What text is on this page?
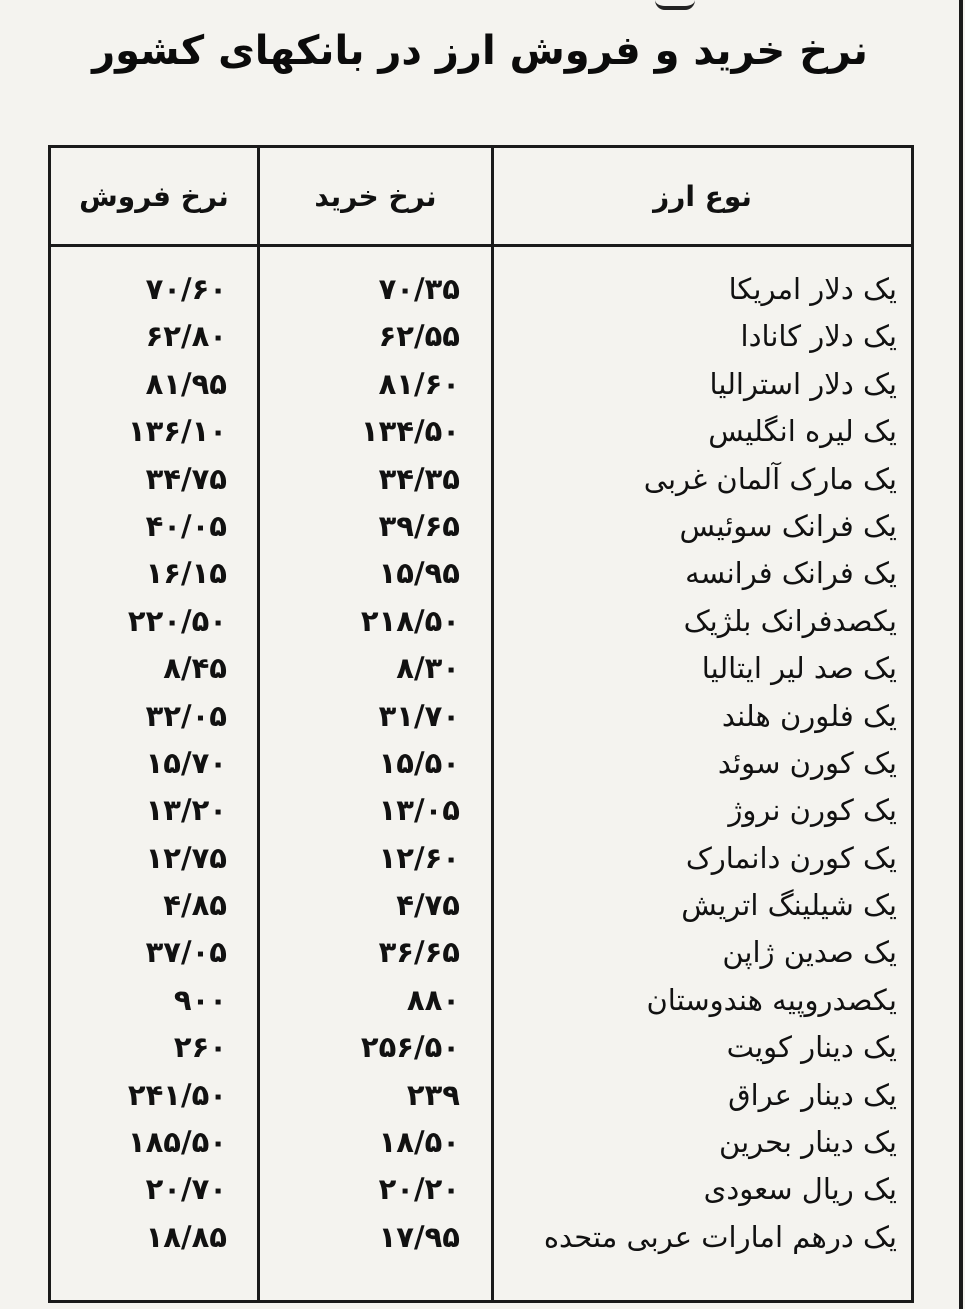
نرخ خرید و فروش ارز در بانکهای کشور
نوع ارز
نرخ خرید
نرخ فروش
یک دلار امریکا
۷۰/۳۵
۷۰/۶۰
یک دلار کانادا
۶۲/۵۵
۶۲/۸۰
یک دلار استرالیا
۸۱/۶۰
۸۱/۹۵
یک لیره انگلیس
۱۳۴/۵۰
۱۳۶/۱۰
یک مارک آلمان غربی
۳۴/۳۵
۳۴/۷۵
یک فرانک سوئیس
۳۹/۶۵
۴۰/۰۵
یک فرانک فرانسه
۱۵/۹۵
۱۶/۱۵
یکصدفرانک بلژیک
۲۱۸/۵۰
۲۲۰/۵۰
یک صد لیر ایتالیا
۸/۳۰
۸/۴۵
یک فلورن هلند
۳۱/۷۰
۳۲/۰۵
یک کورن سوئد
۱۵/۵۰
۱۵/۷۰
یک کورن نروژ
۱۳/۰۵
۱۳/۲۰
یک کورن دانمارک
۱۲/۶۰
۱۲/۷۵
یک شیلینگ اتریش
۴/۷۵
۴/۸۵
یک صدین ژاپن
۳۶/۶۵
۳۷/۰۵
یکصدروپیه هندوستان
۸۸۰
۹۰۰
یک دینار کویت
۲۵۶/۵۰
۲۶۰
یک دینار عراق
۲۳۹
۲۴۱/۵۰
یک دینار بحرین
۱۸/۵۰
۱۸۵/۵۰
یک ریال سعودی
۲۰/۲۰
۲۰/۷۰
یک درهم امارات عربی متحده
۱۷/۹۵
۱۸/۸۵
